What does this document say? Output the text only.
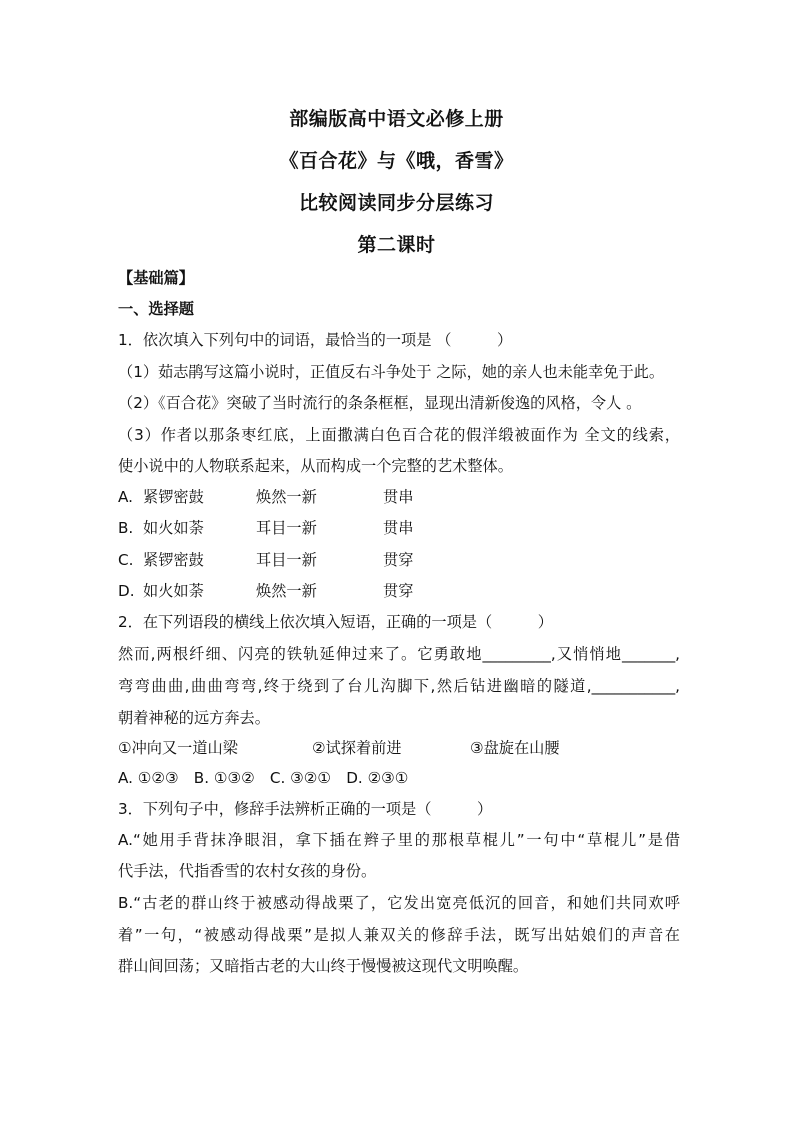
部编版高中语文必修上册
《百合花》与《哦，香雪》
比较阅读同步分层练习
第二课时
【基础篇】
一、选择题
1．依次填入下列句中的词语，最恰当的一项是 （　　　）
（1）茹志鹃写这篇小说时，正值反右斗争处于 之际，她的亲人也未能幸免于此。
（2）《百合花》突破了当时流行的条条框框，显现出清新俊逸的风格，令人 。
（3）作者以那条枣红底，上面撒满白色百合花的假洋缎被面作为 全文的线索，
使小说中的人物联系起来，从而构成一个完整的艺术整体。
A. 紧锣密鼓	焕然一新	贯串
B. 如火如荼	耳目一新	贯串
C. 紧锣密鼓	耳目一新	贯穿
D. 如火如荼	焕然一新	贯穿
2．在下列语段的横线上依次填入短语，正确的一项是（　　　）
然而,两根纤细、闪亮的铁轨延伸过来了。它勇敢地_________,又悄悄地_______,
弯弯曲曲,曲曲弯弯,终于绕到了台儿沟脚下,然后钻进幽暗的隧道,___________,
朝着神秘的远方奔去。
①冲向又一道山梁	②试探着前进	③盘旋在山腰
A. ①②③　B. ①③②　C. ③②①　D. ②③①
3．下列句子中，修辞手法辨析正确的一项是（　　　）
A.“她用手背抹净眼泪，拿下插在辫子里的那根草棍儿”一句中“草棍儿”是借
代手法，代指香雪的农村女孩的身份。
B.“古老的群山终于被感动得战栗了，它发出宽亮低沉的回音，和她们共同欢呼
着”一句，“被感动得战栗”是拟人兼双关的修辞手法，既写出姑娘们的声音在
群山间回荡；又暗指古老的大山终于慢慢被这现代文明唤醒。
